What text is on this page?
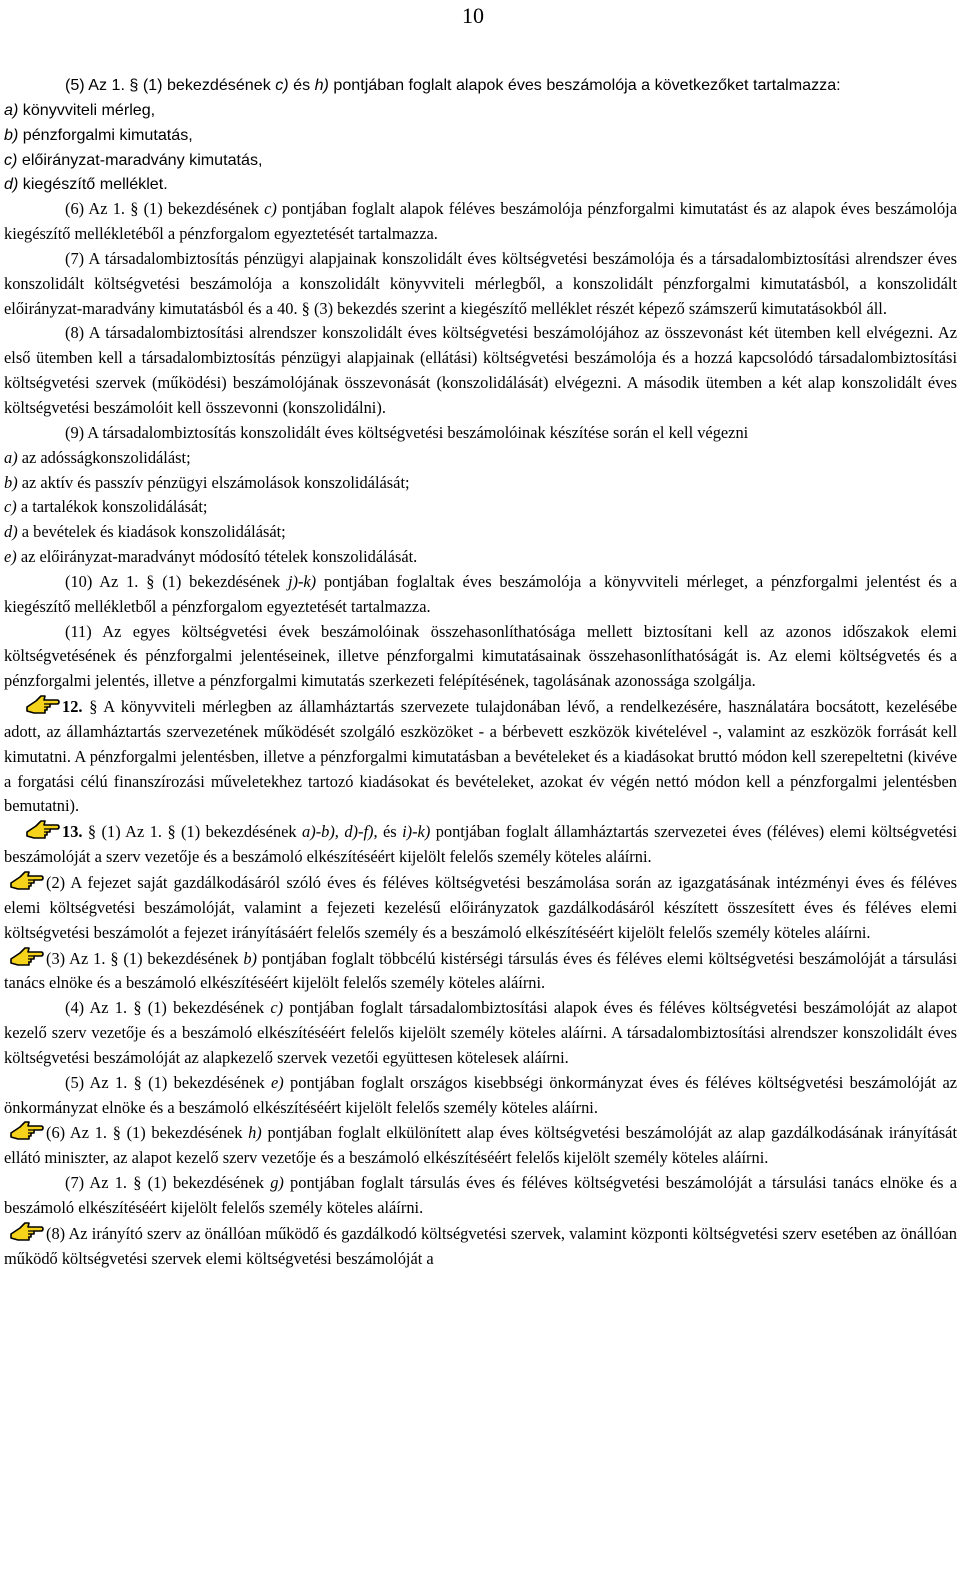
10

(5) Az 1. § (1) bekezdésének c) és h) pontjában foglalt alapok éves beszámolója a következőket tartalmazza:

a) könyvviteli mérleg,

b) pénzforgalmi kimutatás,

c) előirányzat-maradvány kimutatás,

d) kiegészítő melléklet.

(6) Az 1. § (1) bekezdésének c) pontjában foglalt alapok féléves beszámolója pénzforgalmi kimutatást és az alapok éves beszámolója kiegészítő mellékletéből a pénzforgalom egyeztetését tartalmazza.

(7) A társadalombiztosítás pénzügyi alapjainak konszolidált éves költségvetési beszámolója és a társadalombiztosítási alrendszer éves konszolidált költségvetési beszámolója a konszolidált könyvviteli mérlegből, a konszolidált pénzforgalmi kimutatásból, a konszolidált előirányzat-maradvány kimutatásból és a 40. § (3) bekezdés szerint a kiegészítő melléklet részét képező számszerű kimutatásokból áll.

(8) A társadalombiztosítási alrendszer konszolidált éves költségvetési beszámolójához az összevonást két ütemben kell elvégezni. Az első ütemben kell a társadalombiztosítás pénzügyi alapjainak (ellátási) költségvetési beszámolója és a hozzá kapcsolódó társadalombiztosítási költségvetési szervek (működési) beszámolójának összevonását (konszolidálását) elvégezni. A második ütemben a két alap konszolidált éves költségvetési beszámolóit kell összevonni (konszolidálni).

(9) A társadalombiztosítás konszolidált éves költségvetési beszámolóinak készítése során el kell végezni

a) az adósságkonszolidálást;

b) az aktív és passzív pénzügyi elszámolások konszolidálását;

c) a tartalékok konszolidálását;

d) a bevételek és kiadások konszolidálását;

e) az előirányzat-maradványt módosító tételek konszolidálását.

(10) Az 1. § (1) bekezdésének j)-k) pontjában foglaltak éves beszámolója a könyvviteli mérleget, a pénzforgalmi jelentést és a kiegészítő mellékletből a pénzforgalom egyeztetését tartalmazza.

(11) Az egyes költségvetési évek beszámolóinak összehasonlíthatósága mellett biztosítani kell az azonos időszakok elemi költségvetésének és pénzforgalmi jelentéseinek, illetve pénzforgalmi kimutatásainak összehasonlíthatóságát is. Az elemi költségvetés és a pénzforgalmi jelentés, illetve a pénzforgalmi kimutatás szerkezeti felépítésének, tagolásának azonossága szolgálja.

12. § A könyvviteli mérlegben az államháztartás szervezete tulajdonában lévő, a rendelkezésére, használatára bocsátott, kezelésébe adott, az államháztartás szervezetének működését szolgáló eszközöket - a bérbevett eszközök kivételével -, valamint az eszközök forrását kell kimutatni. A pénzforgalmi jelentésben, illetve a pénzforgalmi kimutatásban a bevételeket és a kiadásokat bruttó módon kell szerepeltetni (kivéve a forgatási célú finanszírozási műveletekhez tartozó kiadásokat és bevételeket, azokat év végén nettó módon kell a pénzforgalmi jelentésben bemutatni).

13. § (1) Az 1. § (1) bekezdésének a)-b), d)-f), és i)-k) pontjában foglalt államháztartás szervezetei éves (féléves) elemi költségvetési beszámolóját a szerv vezetője és a beszámoló elkészítéséért kijelölt felelős személy köteles aláírni.

(2) A fejezet saját gazdálkodásáról szóló éves és féléves költségvetési beszámolása során az igazgatásának intézményi éves és féléves elemi költségvetési beszámolóját, valamint a fejezeti kezelésű előirányzatok gazdálkodásáról készített összesített éves és féléves elemi költségvetési beszámolót a fejezet irányításáért felelős személy és a beszámoló elkészítéséért kijelölt felelős személy köteles aláírni.

(3) Az 1. § (1) bekezdésének b) pontjában foglalt többcélú kistérségi társulás éves és féléves elemi költségvetési beszámolóját a társulási tanács elnöke és a beszámoló elkészítéséért kijelölt felelős személy köteles aláírni.

(4) Az 1. § (1) bekezdésének c) pontjában foglalt társadalombiztosítási alapok éves és féléves költségvetési beszámolóját az alapot kezelő szerv vezetője és a beszámoló elkészítéséért felelős kijelölt személy köteles aláírni. A társadalombiztosítási alrendszer konszolidált éves költségvetési beszámolóját az alapkezelő szervek vezetői együttesen kötelesek aláírni.

(5) Az 1. § (1) bekezdésének e) pontjában foglalt országos kisebbségi önkormányzat éves és féléves költségvetési beszámolóját az önkormányzat elnöke és a beszámoló elkészítéséért kijelölt felelős személy köteles aláírni.

(6) Az 1. § (1) bekezdésének h) pontjában foglalt elkülönített alap éves költségvetési beszámolóját az alap gazdálkodásának irányítását ellátó miniszter, az alapot kezelő szerv vezetője és a beszámoló elkészítéséért felelős kijelölt személy köteles aláírni.

(7) Az 1. § (1) bekezdésének g) pontjában foglalt társulás éves és féléves költségvetési beszámolóját a társulási tanács elnöke és a beszámoló elkészítéséért kijelölt felelős személy köteles aláírni.

(8) Az irányító szerv az önállóan működő és gazdálkodó költségvetési szervek, valamint központi költségvetési szerv esetében az önállóan működő költségvetési szervek elemi költségvetési beszámolóját a
